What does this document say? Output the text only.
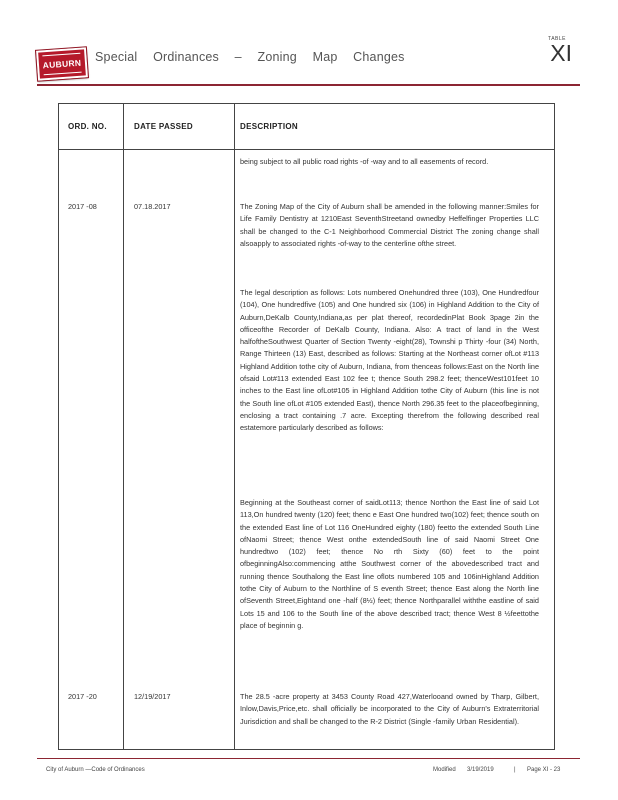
AUBURN
Special Ordinances – Zoning Map Changes
TABLE
XI
ORD. NO.	DATE PASSED	DESCRIPTION
being subject to all public road rights -of -way and to all easements of record.
2017 -08	07.18.2017	The Zoning Map of the City of Auburn shall be amended in the following manner:Smiles for Life Family Dentistry at 1210East SeventhStreetand ownedby Heffelfinger Properties LLC shall be changed to the C-1 Neighborhood Commercial District The zoning change shall alsoapply to associated rights -of-way to the centerline ofthe street.
The legal description as follows: Lots numbered Onehundred three (103), One Hundredfour (104), One hundredfive (105) and One hundred six (106) in Highland Addition to the City of Auburn,DeKalb County,Indiana,as per plat thereof, recordedinPlat Book 3page 2in the officeofthe Recorder of DeKalb County, Indiana. Also: A tract of land in the West halfoftheSouthwest Quarter of Section Twenty -eight(28), Townshi p Thirty -four (34) North, Range Thirteen (13) East, described as follows: Starting at the Northeast corner ofLot #113 Highland Addition tothe city of Auburn, Indiana, from thenceas follows:East on the North line ofsaid Lot#113 extended East 102 fee t; thence South 298.2 feet; thenceWest101feet 10 inches to the East line ofLot#105 in Highland Addition tothe City of Auburn (this line is not the South line ofLot #105 extended East), thence North 296.35 feet to the placeofbeginning, enclosing a tract containing .7 acre. Excepting therefrom the following described real estatemore particularly described as follows:
Beginning at the Southeast corner of saidLot113; thence Northon the East line of said Lot 113,On hundred twenty (120) feet; thenc e East One hundred two(102) feet; thence south on the extended East line of Lot 116 OneHundred eighty (180) feetto the extended South Line ofNaomi Street; thence West onthe extendedSouth line of said Naomi Street One hundredtwo (102) feet; thence No rth Sixty (60) feet to the point ofbeginningAlso:commencing atthe Southwest corner of the abovedescribed tract and running thence Southalong the East line oflots numbered 105 and 106inHighland Addition tothe City of Auburn to the Northline of S eventh Street; thence East along the North line ofSeventh Street,Eightand one -half (8½) feet; thence Northparallel withthe eastline of said Lots 15 and 106 to the South line of the above described tract; thence West 8 ½feettothe place of beginnin g.
2017 -20	12/19/2017	The 28.5 -acre property at 3453 County Road 427,Waterlooand owned by Tharp, Gilbert, Inlow,Davis,Price,etc. shall officially be incorporated to the City of Auburn's Extraterritorial Jurisdiction and shall be changed to the R-2 District (Single -family Urban Residential).
City of Auburn —Code of Ordinances	Modified 3/19/2019	| Page XI - 23
